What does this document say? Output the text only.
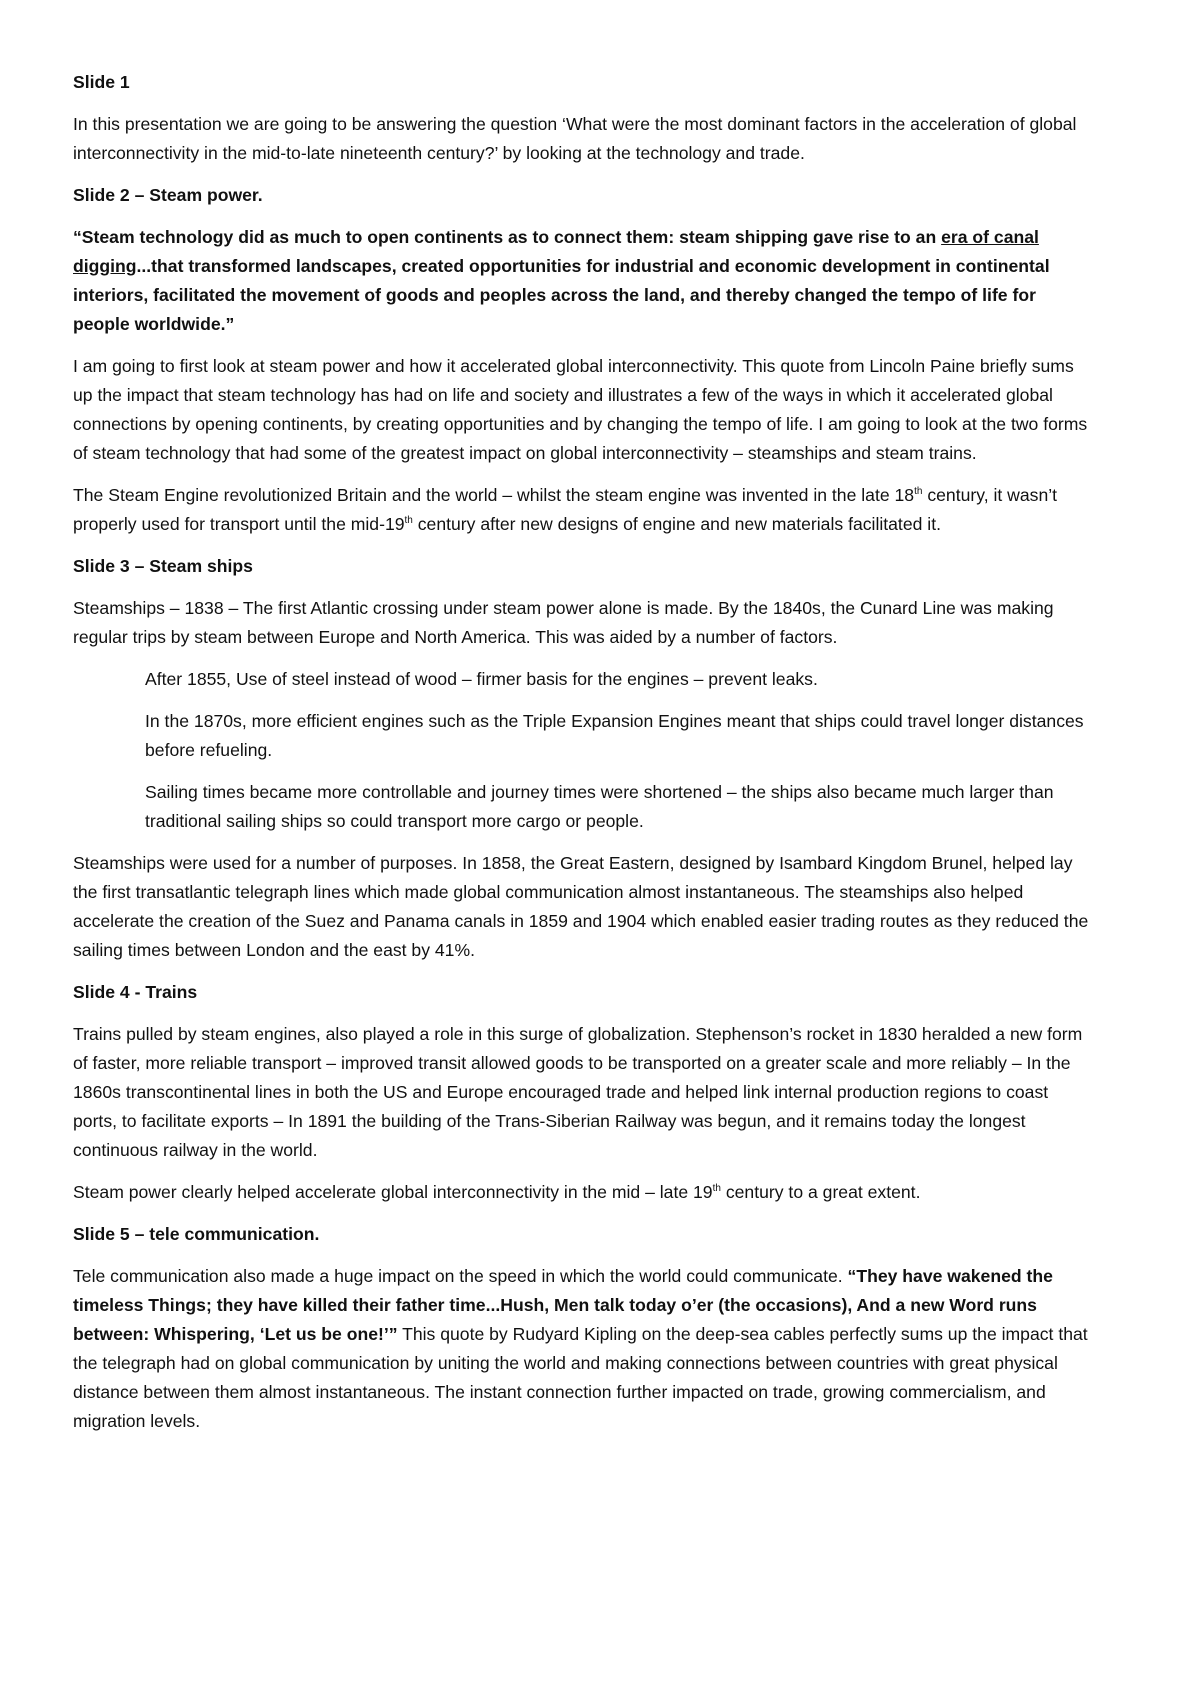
Slide 1

In this presentation we are going to be answering the question ‘What were the most dominant factors in the acceleration of global interconnectivity in the mid-to-late nineteenth century?’ by looking at the technology and trade.

Slide 2 – Steam power.

“Steam technology did as much to open continents as to connect them: steam shipping gave rise to an era of canal digging...that transformed landscapes, created opportunities for industrial and economic development in continental interiors, facilitated the movement of goods and peoples across the land, and thereby changed the tempo of life for people worldwide.”

I am going to first look at steam power and how it accelerated global interconnectivity. This quote from Lincoln Paine briefly sums up the impact that steam technology has had on life and society and illustrates a few of the ways in which it accelerated global connections by opening continents, by creating opportunities and by changing the tempo of life. I am going to look at the two forms of steam technology that had some of the greatest impact on global interconnectivity – steamships and steam trains.

The Steam Engine revolutionized Britain and the world – whilst the steam engine was invented in the late 18th century, it wasn’t properly used for transport until the mid-19th century after new designs of engine and new materials facilitated it.

Slide 3 – Steam ships

Steamships – 1838 – The first Atlantic crossing under steam power alone is made. By the 1840s, the Cunard Line was making regular trips by steam between Europe and North America. This was aided by a number of factors.

After 1855, Use of steel instead of wood – firmer basis for the engines – prevent leaks.

In the 1870s, more efficient engines such as the Triple Expansion Engines meant that ships could travel longer distances before refueling.

Sailing times became more controllable and journey times were shortened – the ships also became much larger than traditional sailing ships so could transport more cargo or people.

Steamships were used for a number of purposes. In 1858, the Great Eastern, designed by Isambard Kingdom Brunel, helped lay the first transatlantic telegraph lines which made global communication almost instantaneous. The steamships also helped accelerate the creation of the Suez and Panama canals in 1859 and 1904 which enabled easier trading routes as they reduced the sailing times between London and the east by 41%.

Slide 4 - Trains

Trains pulled by steam engines, also played a role in this surge of globalization. Stephenson’s rocket in 1830 heralded a new form of faster, more reliable transport – improved transit allowed goods to be transported on a greater scale and more reliably – In the 1860s transcontinental lines in both the US and Europe encouraged trade and helped link internal production regions to coast ports, to facilitate exports – In 1891 the building of the Trans-Siberian Railway was begun, and it remains today the longest continuous railway in the world.

Steam power clearly helped accelerate global interconnectivity in the mid – late 19th century to a great extent.

Slide 5 – tele communication.

Tele communication also made a huge impact on the speed in which the world could communicate. “They have wakened the timeless Things; they have killed their father time...Hush, Men talk today o’er (the occasions), And a new Word runs between: Whispering, ‘Let us be one!’” This quote by Rudyard Kipling on the deep-sea cables perfectly sums up the impact that the telegraph had on global communication by uniting the world and making connections between countries with great physical distance between them almost instantaneous. The instant connection further impacted on trade, growing commercialism, and migration levels.
